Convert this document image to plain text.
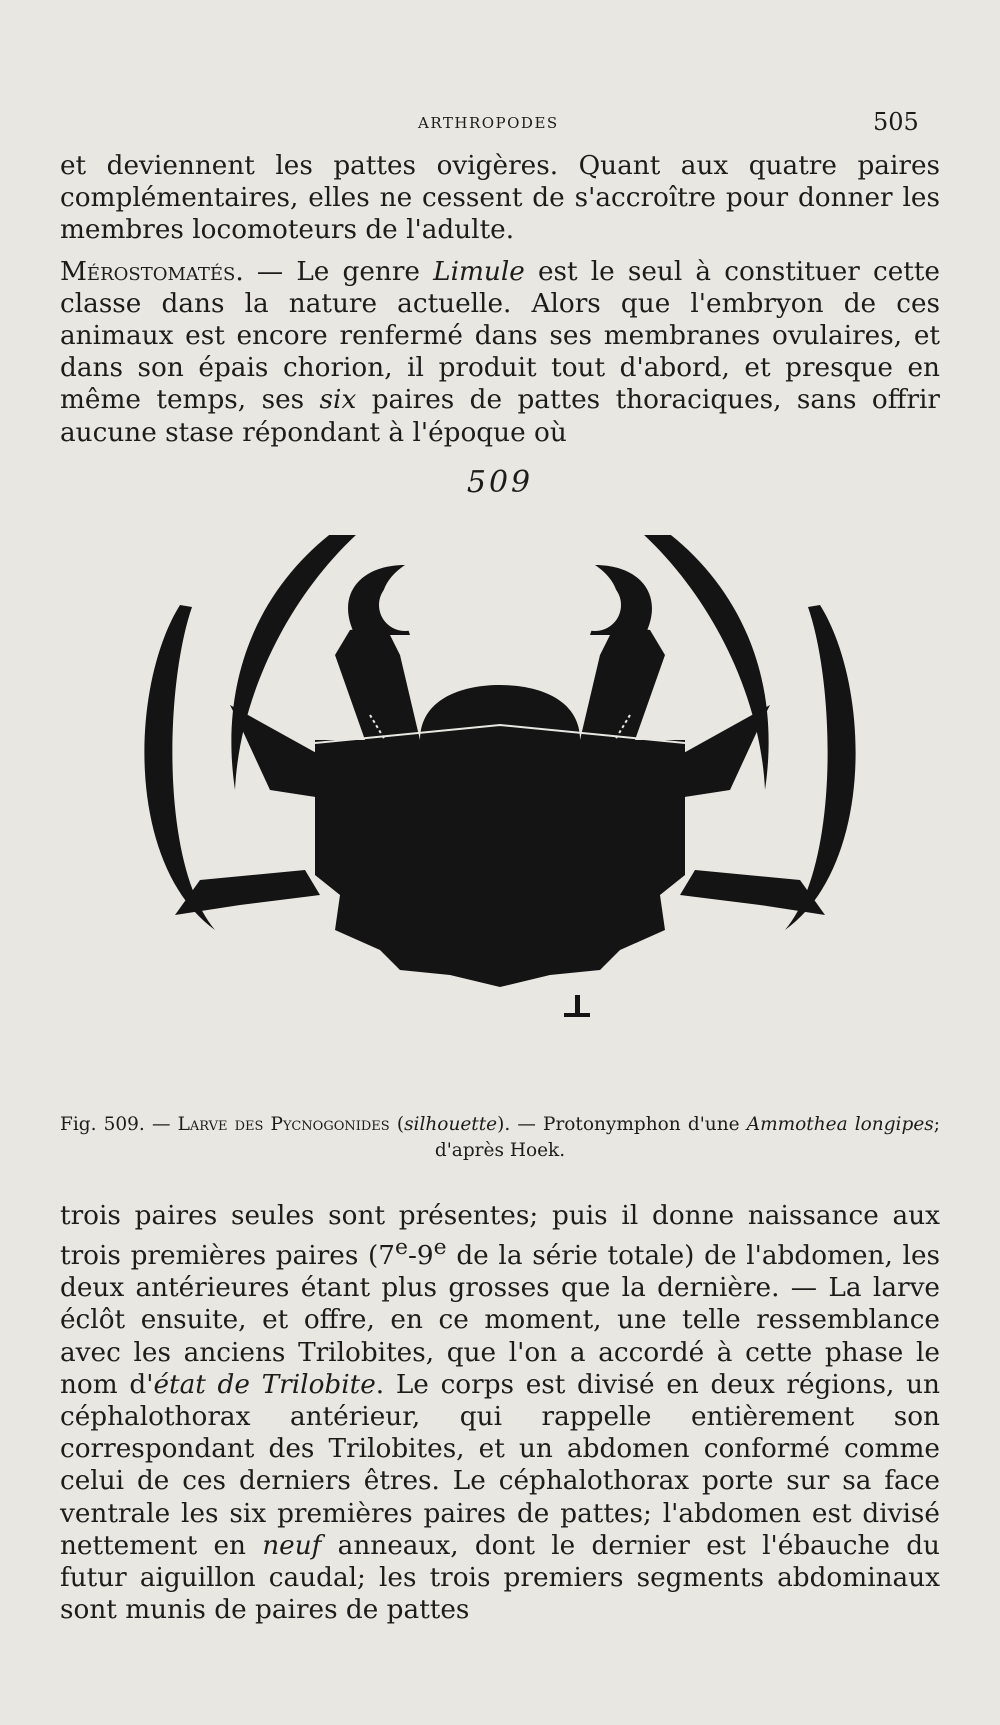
ARTHROPODES	505

et deviennent les pattes ovigères. Quant aux quatre paires complémentaires, elles ne cessent de s'accroître pour donner les membres locomoteurs de l'adulte.

Mérostomatés. — Le genre Limule est le seul à constituer cette classe dans la nature actuelle. Alors que l'embryon de ces animaux est encore renfermé dans ses membranes ovulaires, et dans son épais chorion, il produit tout d'abord, et presque en même temps, ses six paires de pattes thoraciques, sans offrir aucune stase répondant à l'époque où

509
Fig. 509. — Larve des Pycnogonides (silhouette). — Protonymphon d'une Ammothea longipes;
d'après Hoek.

trois paires seules sont présentes; puis il donne naissance aux trois premières paires (7e-9e de la série totale) de l'abdomen, les deux antérieures étant plus grosses que la dernière. — La larve éclôt ensuite, et offre, en ce moment, une telle ressemblance avec les anciens Trilobites, que l'on a accordé à cette phase le nom d'état de Trilobite. Le corps est divisé en deux régions, un céphalothorax antérieur, qui rappelle entièrement son correspondant des Trilobites, et un abdomen conformé comme celui de ces derniers êtres. Le céphalothorax porte sur sa face ventrale les six premières paires de pattes; l'abdomen est divisé nettement en neuf anneaux, dont le dernier est l'ébauche du futur aiguillon caudal; les trois premiers segments abdominaux sont munis de paires de pattes
